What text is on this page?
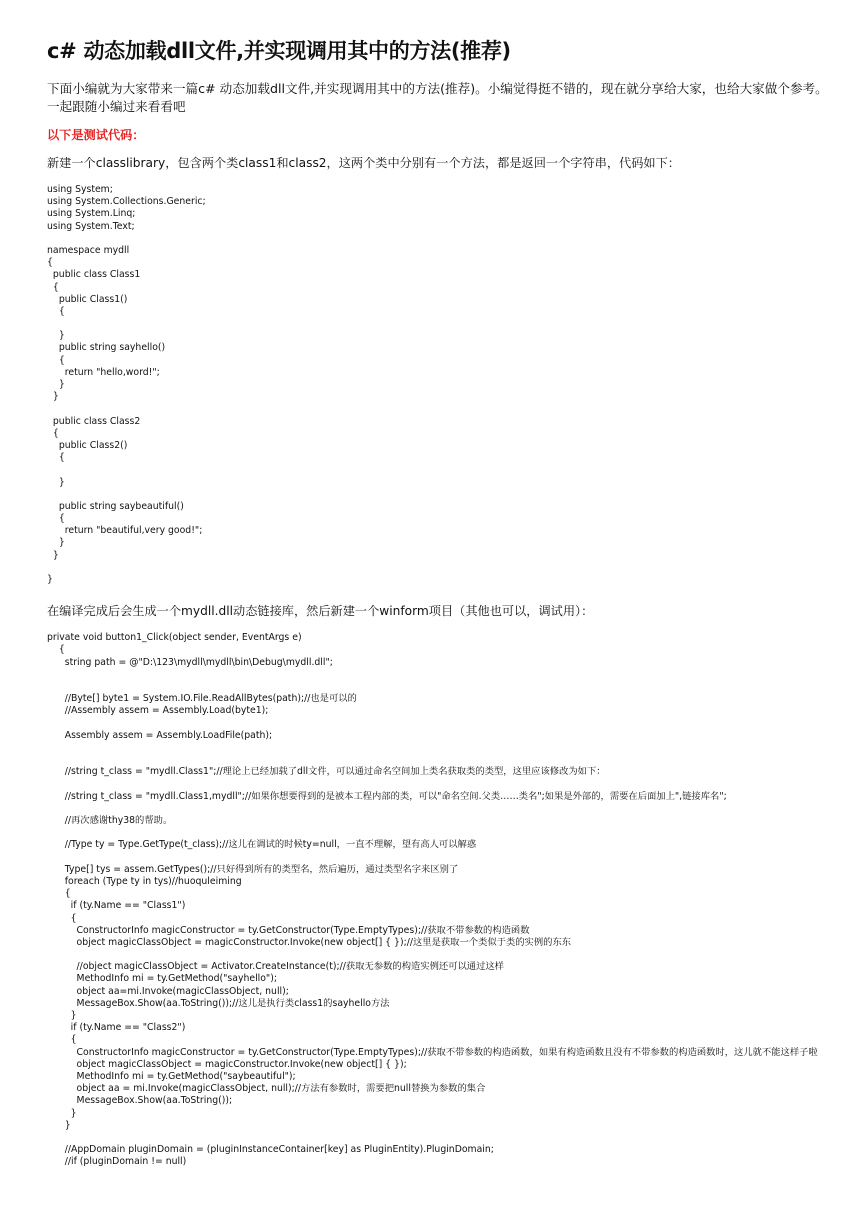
c# 动态加载dll文件,并实现调用其中的方法(推荐)

下面小编就为大家带来一篇c# 动态加载dll文件,并实现调用其中的方法(推荐)。小编觉得挺不错的，现在就分享给大家，也给大家做个参考。一起跟随小编过来看看吧

以下是测试代码：

新建一个classlibrary，包含两个类class1和class2，这两个类中分别有一个方法，都是返回一个字符串，代码如下：

using System;
using System.Collections.Generic;
using System.Linq;
using System.Text;
namespace mydll
{
public class Class1
{
public Class1()
{
}
public string sayhello()
{
return "hello,word!";
}
}
public class Class2
{
public Class2()
{
}
public string saybeautiful()
{
return "beautiful,very good!";
}
}
}

在编译完成后会生成一个mydll.dll动态链接库，然后新建一个winform项目（其他也可以，调试用）：

private void button1_Click(object sender, EventArgs e)
{
string path = @"D:\123\mydll\mydll\bin\Debug\mydll.dll";
//Byte[] byte1 = System.IO.File.ReadAllBytes(path);//也是可以的
//Assembly assem = Assembly.Load(byte1);
Assembly assem = Assembly.LoadFile(path);
//string t_class = "mydll.Class1";//理论上已经加载了dll文件，可以通过命名空间加上类名获取类的类型，这里应该修改为如下：
//string t_class = "mydll.Class1,mydll";//如果你想要得到的是被本工程内部的类，可以"命名空间.父类……类名";如果是外部的，需要在后面加上",链接库名";
//再次感谢thy38的帮助。
//Type ty = Type.GetType(t_class);//这儿在调试的时候ty=null，一直不理解，望有高人可以解惑
Type[] tys = assem.GetTypes();//只好得到所有的类型名，然后遍历，通过类型名字来区别了
foreach (Type ty in tys)//huoquleiming
{
if (ty.Name == "Class1")
{
ConstructorInfo magicConstructor = ty.GetConstructor(Type.EmptyTypes);//获取不带参数的构造函数
object magicClassObject = magicConstructor.Invoke(new object[] { });//这里是获取一个类似于类的实例的东东
//object magicClassObject = Activator.CreateInstance(t);//获取无参数的构造实例还可以通过这样
MethodInfo mi = ty.GetMethod("sayhello");
object aa=mi.Invoke(magicClassObject, null);
MessageBox.Show(aa.ToString());//这儿是执行类class1的sayhello方法
}
if (ty.Name == "Class2")
{
ConstructorInfo magicConstructor = ty.GetConstructor(Type.EmptyTypes);//获取不带参数的构造函数，如果有构造函数且没有不带参数的构造函数时，这儿就不能这样子啦
object magicClassObject = magicConstructor.Invoke(new object[] { });
MethodInfo mi = ty.GetMethod("saybeautiful");
object aa = mi.Invoke(magicClassObject, null);//方法有参数时，需要把null替换为参数的集合
MessageBox.Show(aa.ToString());
}
}
//AppDomain pluginDomain = (pluginInstanceContainer[key] as PluginEntity).PluginDomain;
//if (pluginDomain != null)
